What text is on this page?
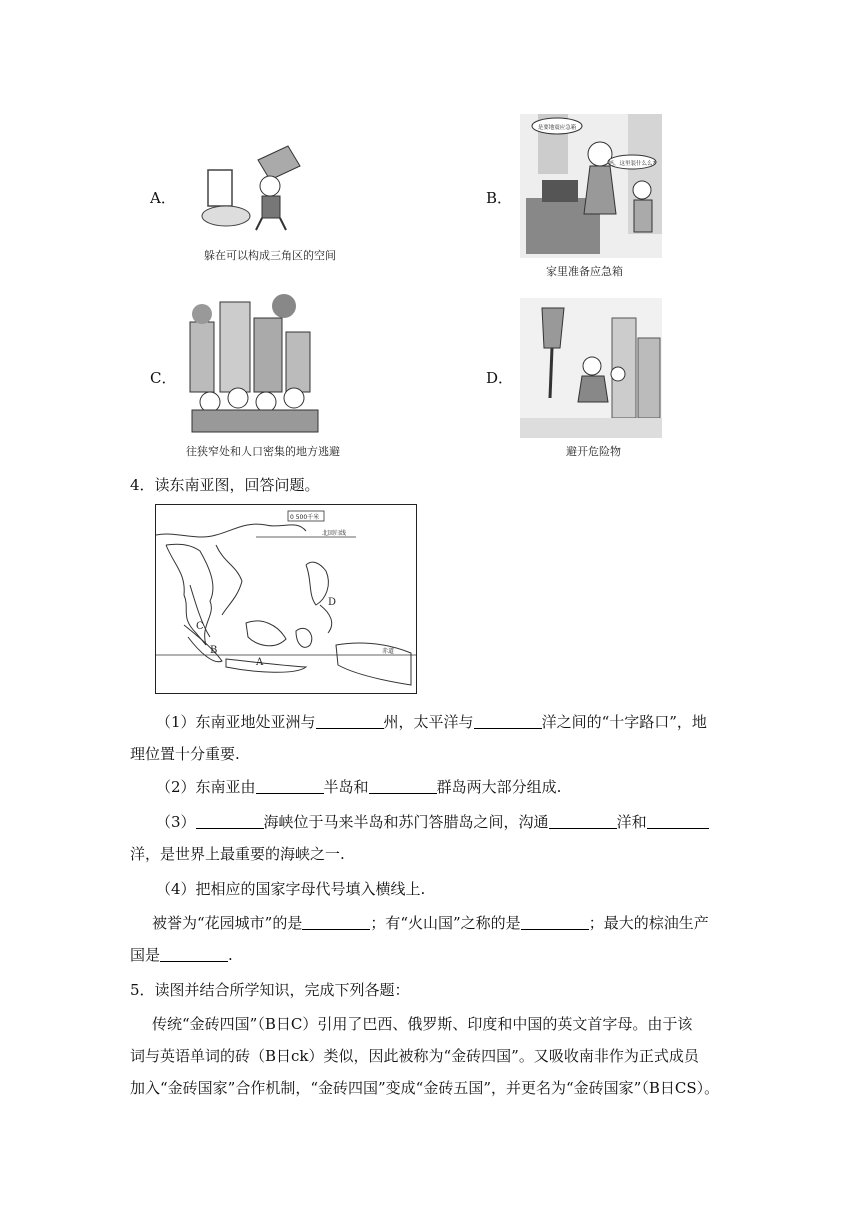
A．
躲在可以构成三角区的空间
B．
是要地震应急箱
妈，这里装什么么?
家里准备应急箱
C．
往狭窄处和人口密集的地方逃避
D．
避开危险物
4．读东南亚图，回答问题。
0 500千米
北回归线
赤道
A
B
C
D
（1）东南亚地处亚洲与	州，太平洋与	洋之间的“十字路口”，地
理位置十分重要.
（2）东南亚由	半岛和	群岛两大部分组成.
（3）	海峡位于马来半岛和苏门答腊岛之间，沟通	洋和
洋，是世界上最重要的海峡之一.
（4）把相应的国家字母代号填入横线上.
被誉为“花园城市”的是	；有“火山国”之称的是	；最大的棕油生产
国是	.
5．读图并结合所学知识，完成下列各题：
传统“金砖四国”（B日C）引用了巴西、俄罗斯、印度和中国的英文首字母。由于该
词与英语单词的砖（B日ck）类似，因此被称为“金砖四国”。又吸收南非作为正式成员
加入“金砖国家”合作机制，“金砖四国”变成“金砖五国”，并更名为“金砖国家”（B日CS）。
